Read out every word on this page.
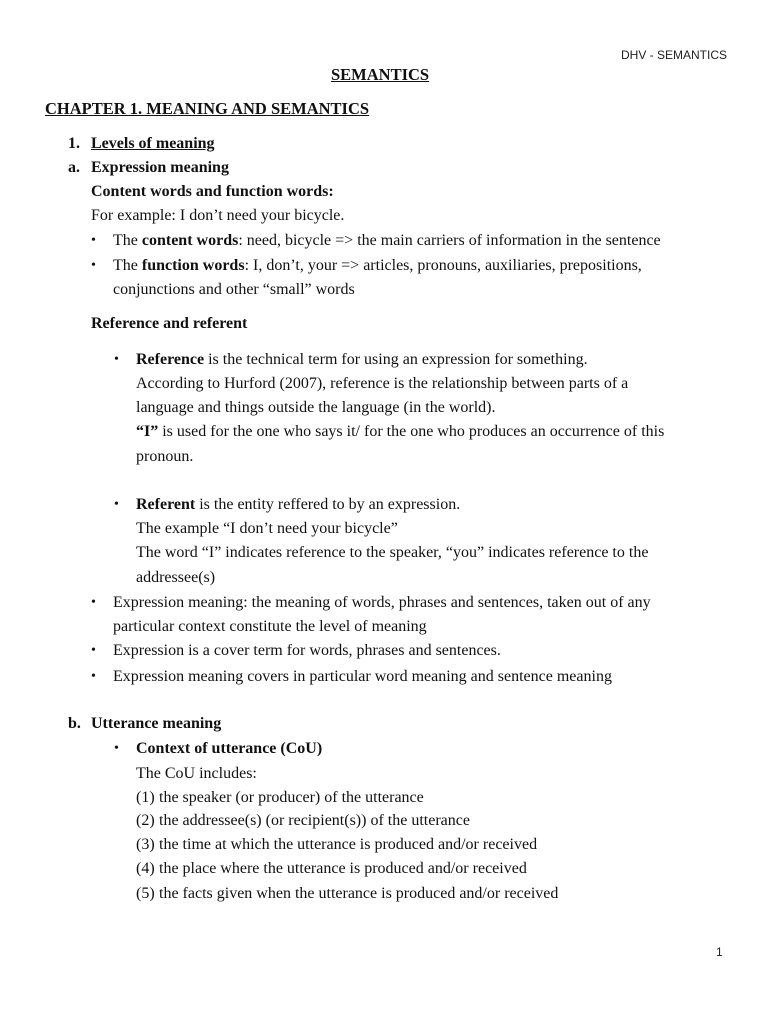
DHV - SEMANTICS
SEMANTICS
CHAPTER 1. MEANING AND SEMANTICS
1. Levels of meaning
a. Expression meaning
Content words and function words:
For example: I don’t need your bicycle.
• The content words: need, bicycle => the main carriers of information in the sentence
• The function words: I, don’t, your => articles, pronouns, auxiliaries, prepositions,
conjunctions and other “small” words
Reference and referent
• Reference is the technical term for using an expression for something.
According to Hurford (2007), reference is the relationship between parts of a
language and things outside the language (in the world).
“I” is used for the one who says it/ for the one who produces an occurrence of this
pronoun.
• Referent is the entity reffered to by an expression.
The example “I don’t need your bicycle”
The word “I” indicates reference to the speaker, “you” indicates reference to the
addressee(s)
• Expression meaning: the meaning of words, phrases and sentences, taken out of any
particular context constitute the level of meaning
• Expression is a cover term for words, phrases and sentences.
• Expression meaning covers in particular word meaning and sentence meaning
b. Utterance meaning
• Context of utterance (CoU)
The CoU includes:
(1) the speaker (or producer) of the utterance
(2) the addressee(s) (or recipient(s)) of the utterance
(3) the time at which the utterance is produced and/or received
(4) the place where the utterance is produced and/or received
(5) the facts given when the utterance is produced and/or received
1
